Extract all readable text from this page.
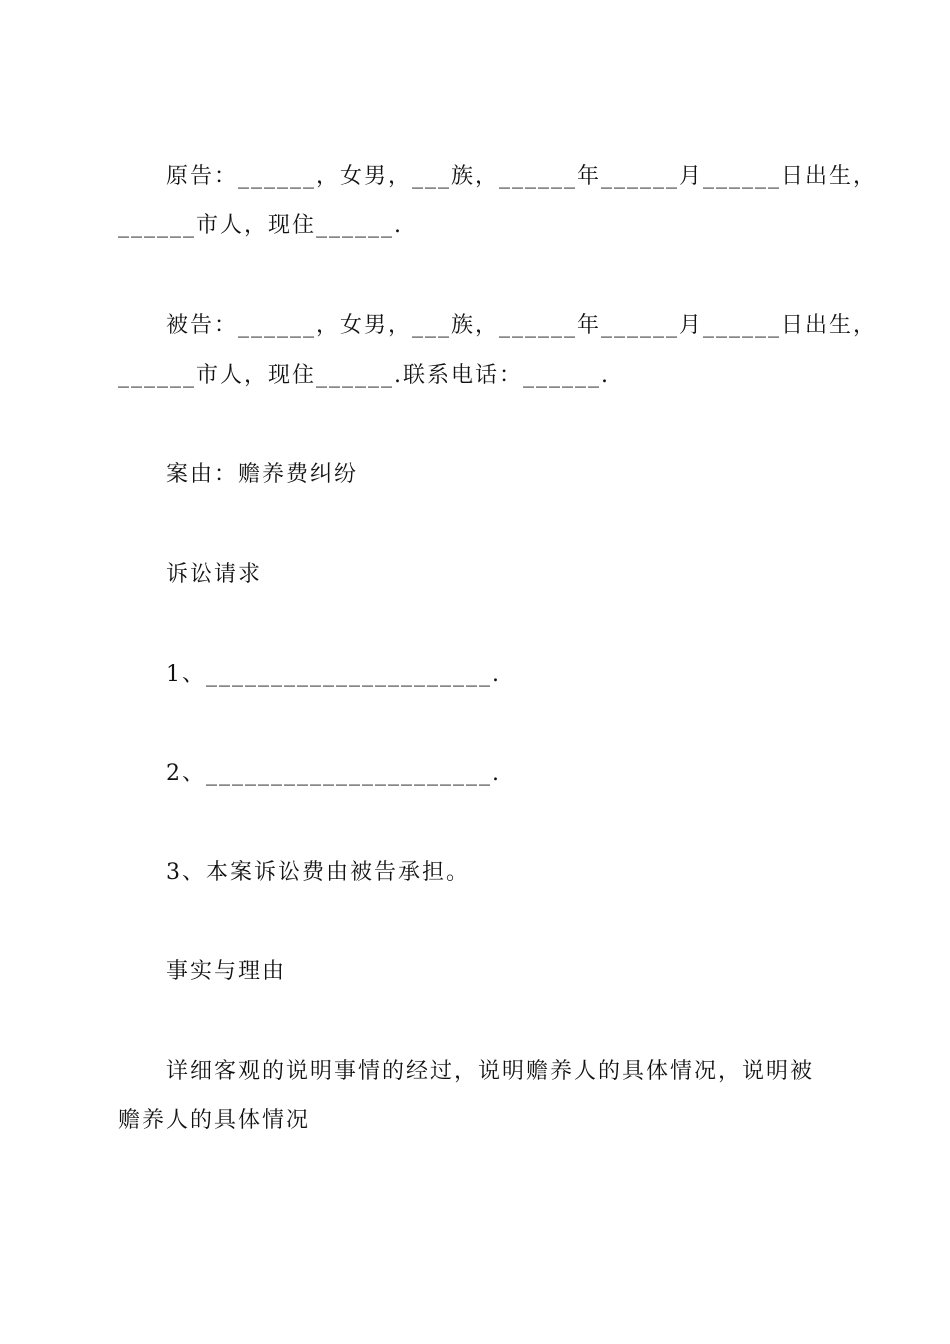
原告：______，女男，___族，______年______月______日出生，
______市人，现住______.
被告：______，女男，___族，______年______月______日出生，
______市人，现住______.联系电话：______.
案由：赡养费纠纷
诉讼请求
1、______________________.
2、______________________.
3、本案诉讼费由被告承担。
事实与理由
详细客观的说明事情的经过，说明赡养人的具体情况，说明被
赡养人的具体情况
